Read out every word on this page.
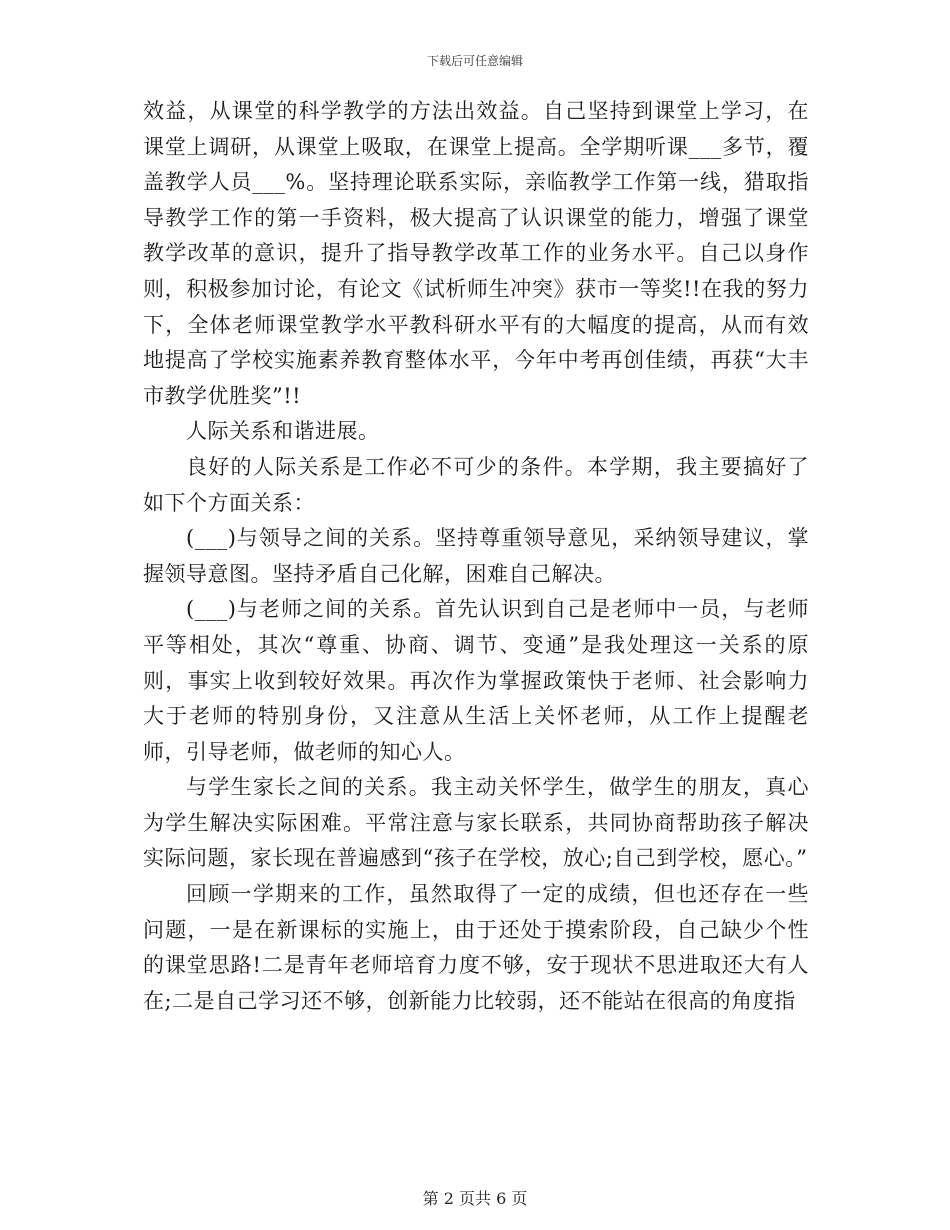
下载后可任意编辑

效益，从课堂的科学教学的方法出效益。自己坚持到课堂上学习，在课堂上调研，从课堂上吸取，在课堂上提高。全学期听课___多节，覆盖教学人员___%。坚持理论联系实际，亲临教学工作第一线，猎取指导教学工作的第一手资料，极大提高了认识课堂的能力，增强了课堂教学改革的意识，提升了指导教学改革工作的业务水平。自己以身作则，积极参加讨论，有论文《试析师生冲突》获市一等奖!!在我的努力下，全体老师课堂教学水平教科研水平有的大幅度的提高，从而有效地提高了学校实施素养教育整体水平，今年中考再创佳绩，再获“大丰市教学优胜奖”!!

人际关系和谐进展。

良好的人际关系是工作必不可少的条件。本学期，我主要搞好了如下个方面关系：

(___)与领导之间的关系。坚持尊重领导意见，采纳领导建议，掌握领导意图。坚持矛盾自己化解，困难自己解决。

(___)与老师之间的关系。首先认识到自己是老师中一员，与老师平等相处，其次“尊重、协商、调节、变通”是我处理这一关系的原则，事实上收到较好效果。再次作为掌握政策快于老师、社会影响力大于老师的特别身份，又注意从生活上关怀老师，从工作上提醒老师，引导老师，做老师的知心人。

与学生家长之间的关系。我主动关怀学生，做学生的朋友，真心为学生解决实际困难。平常注意与家长联系，共同协商帮助孩子解决实际问题，家长现在普遍感到“孩子在学校，放心;自己到学校，愿心。”

回顾一学期来的工作，虽然取得了一定的成绩，但也还存在一些问题，一是在新课标的实施上，由于还处于摸索阶段，自己缺少个性的课堂思路!二是青年老师培育力度不够，安于现状不思进取还大有人在;二是自己学习还不够，创新能力比较弱，还不能站在很高的角度指

第 2 页共 6 页
